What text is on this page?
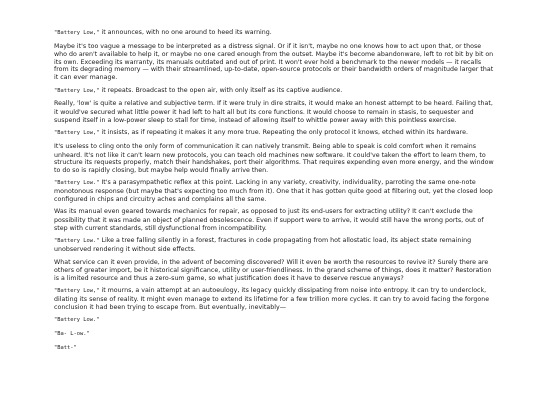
"Battery Low," it announces, with no one around to heed its warning.

Maybe it's too vague a message to be interpreted as a distress signal. Or if it isn't, maybe no one knows how to act upon that, or those who do aren't available to help it, or maybe no one cared enough from the outset. Maybe it's become abandonware, left to rot bit by bit on its own. Exceeding its warranty, its manuals outdated and out of print. It won't ever hold a benchmark to the newer models — it recalls from its degrading memory — with their streamlined, up-to-date, open-source protocols or their bandwidth orders of magnitude larger that it can ever manage.

"Battery Low," it repeats. Broadcast to the open air, with only itself as its captive audience.

Really, 'low' is quite a relative and subjective term. If it were truly in dire straits, it would make an honest attempt to be heard. Failing that, it would've secured what little power it had left to halt all but its core functions. It would choose to remain in stasis, to sequester and suspend itself in a low-power sleep to stall for time, instead of allowing itself to whittle power away with this pointless exercise.

"Battery Low," it insists, as if repeating it makes it any more true. Repeating the only protocol it knows, etched within its hardware.

It's useless to cling onto the only form of communication it can natively transmit. Being able to speak is cold comfort when it remains unheard. It's not like it can't learn new protocols, you can teach old machines new software. It could've taken the effort to learn them, to structure its requests properly, match their handshakes, port their algorithms. That requires expending even more energy, and the window to do so is rapidly closing, but maybe help would finally arrive then.

"Battery Low." It's a parasympathetic reflex at this point. Lacking in any variety, creativity, individuality, parroting the same one-note monotonous response (but maybe that's expecting too much from it). One that it has gotten quite good at filtering out, yet the closed loop configured in chips and circuitry aches and complains all the same.

Was its manual even geared towards mechanics for repair, as opposed to just its end-users for extracting utility? It can't exclude the possibility that it was made an object of planned obsolescence. Even if support were to arrive, it would still have the wrong ports, out of step with current standards, still dysfunctional from incompatibility.

"Battery Low." Like a tree falling silently in a forest, fractures in code propagating from hot allostatic load, its abject state remaining unobserved rendering it without side effects.

What service can it even provide, in the advent of becoming discovered? Will it even be worth the resources to revive it? Surely there are others of greater import, be it historical significance, utility or user-friendliness. In the grand scheme of things, does it matter? Restoration is a limited resource and thus a zero-sum game, so what justification does it have to deserve rescue anyways?

"Battery Low," it mourns, a vain attempt at an autoeulogy, its legacy quickly dissipating from noise into entropy. It can try to underclock, dilating its sense of reality. It might even manage to extend its lifetime for a few trillion more cycles. It can try to avoid facing the forgone conclusion it had been trying to escape from. But eventually, inevitably—

"Battery Low."

"Ba- L-ow."

"Batt-"
